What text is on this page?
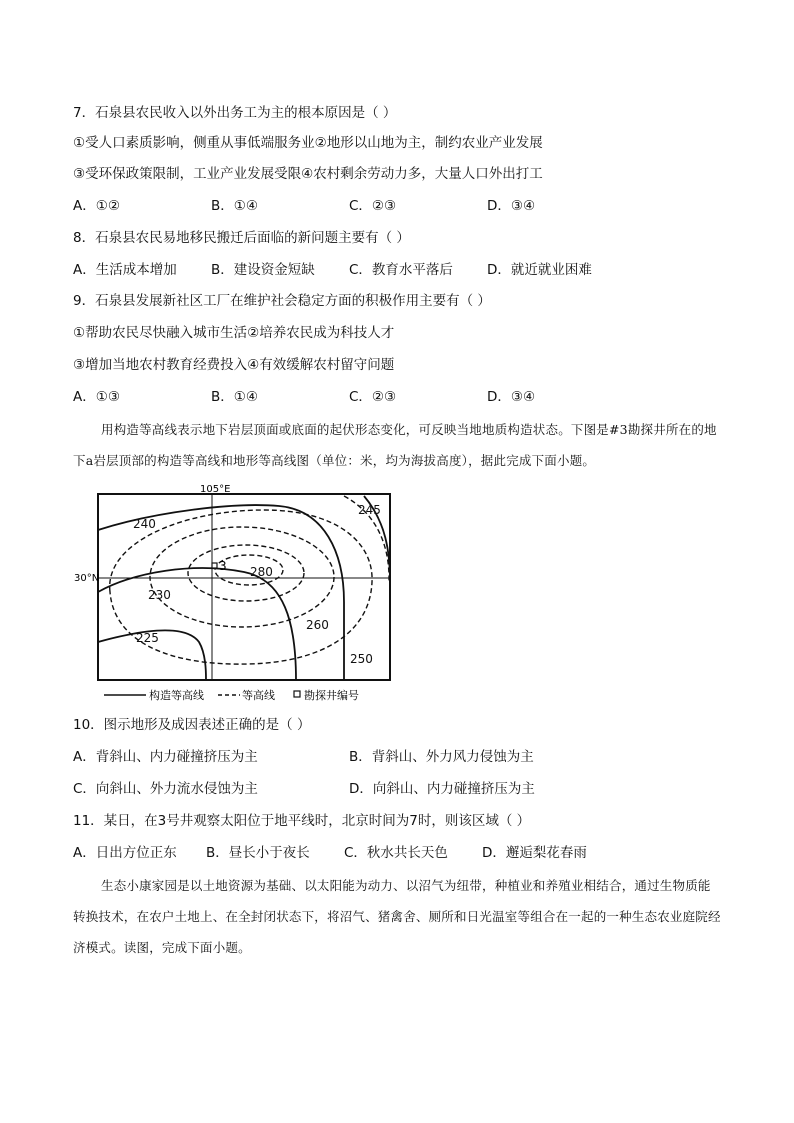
7．石泉县农民收入以外出务工为主的根本原因是（ ）
①受人口素质影响，侧重从事低端服务业②地形以山地为主，制约农业产业发展
③受环保政策限制，工业产业发展受限④农村剩余劳动力多，大量人口外出打工
A．①②	B．①④	C．②③	D．③④
8．石泉县农民易地移民搬迁后面临的新问题主要有（ ）
A．生活成本增加	B．建设资金短缺	C．教育水平落后	D．就近就业困难
9．石泉县发展新社区工厂在维护社会稳定方面的积极作用主要有（ ）
①帮助农民尽快融入城市生活②培养农民成为科技人才
③增加当地农村教育经费投入④有效缓解农村留守问题
A．①③	B．①④	C．②③	D．③④
用构造等高线表示地下岩层顶面或底面的起伏形态变化，可反映当地地质构造状态。下图是#3勘探井所在的地下a岩层顶部的构造等高线和地形等高线图（单位：米，均为海拔高度），据此完成下面小题。
105°E
30°N
3
240
245
280
230
260
225
250
构造等高线	等高线	勘探井编号
10．图示地形及成因表述正确的是（ ）
A．背斜山、内力碰撞挤压为主	B．背斜山、外力风力侵蚀为主
C．向斜山、外力流水侵蚀为主	D．向斜山、内力碰撞挤压为主
11．某日，在3号井观察太阳位于地平线时，北京时间为7时，则该区域（ ）
A．日出方位正东 B．昼长小于夜长	C．秋水共长天色	D．邂逅梨花春雨
生态小康家园是以土地资源为基础、以太阳能为动力、以沼气为纽带，种植业和养殖业相结合，通过生物质能转换技术，在农户土地上、在全封闭状态下，将沼气、猪禽舍、厕所和日光温室等组合在一起的一种生态农业庭院经济模式。读图，完成下面小题。
